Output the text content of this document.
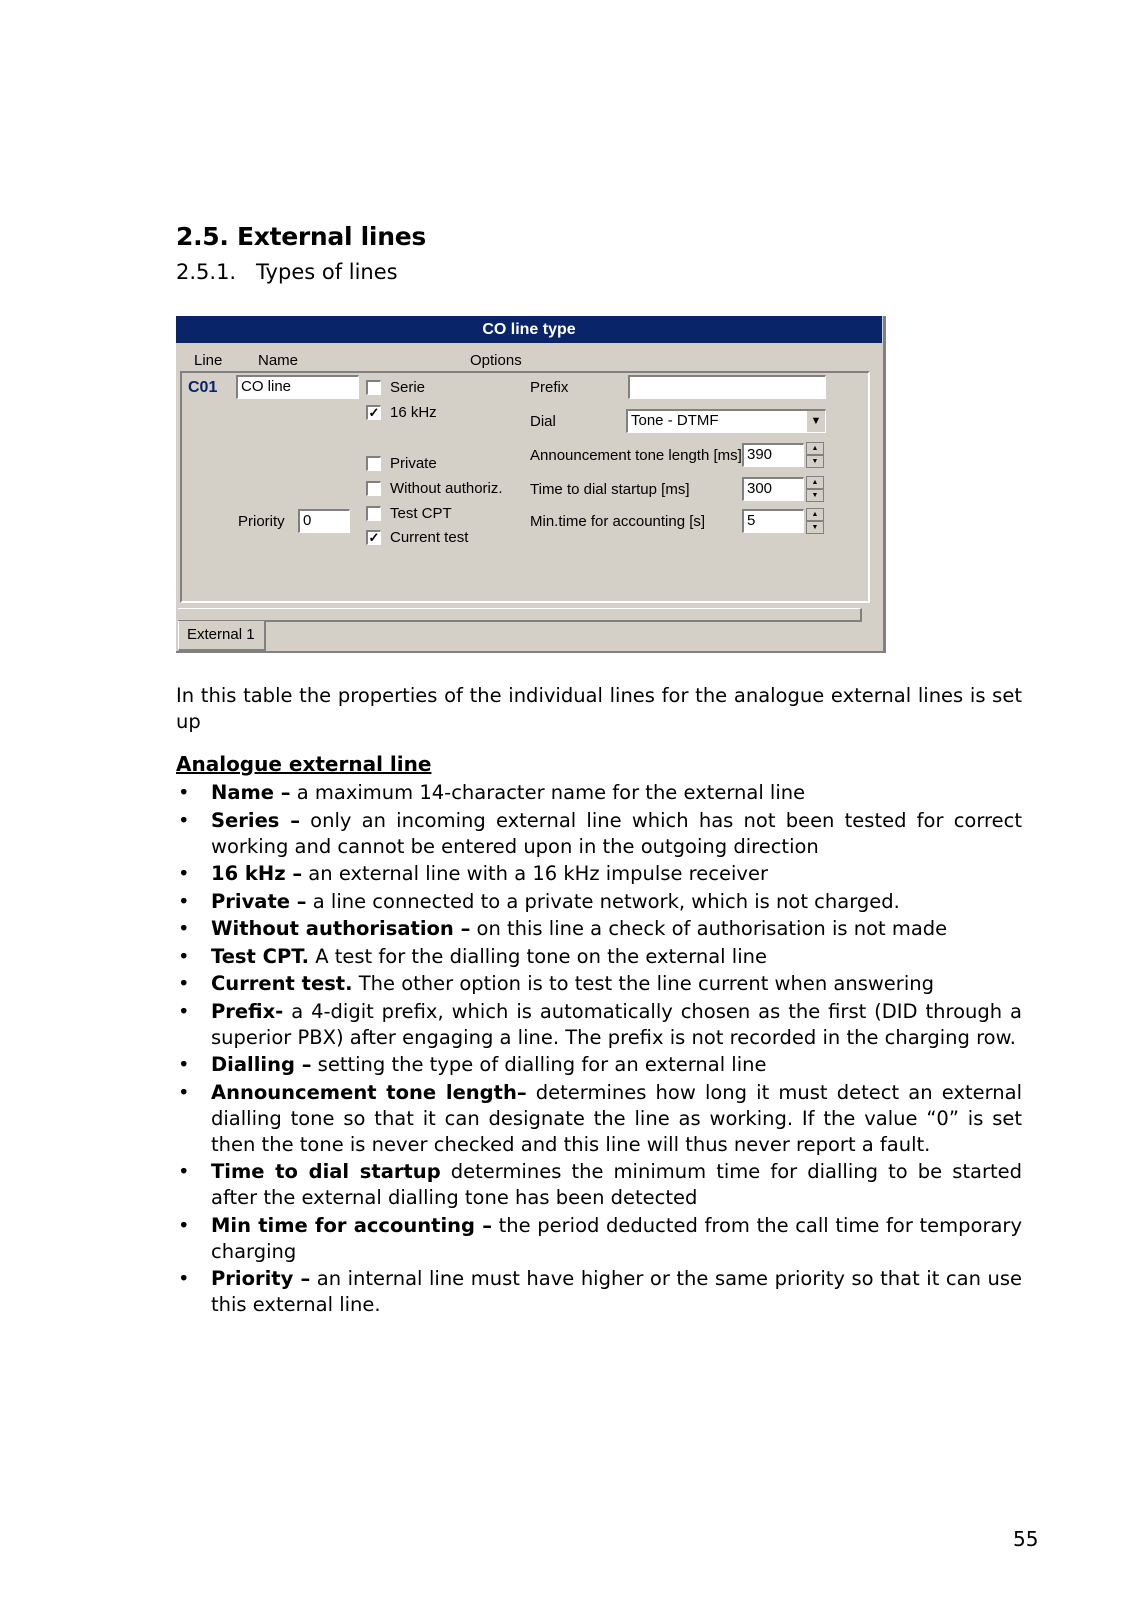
2.5. External lines
2.5.1. Types of lines
CO line type
Line Name	Options
C01	CO line
Priority	0
Serie
✓ 16 kHz
Private
Without authoriz.
Test CPT
✓ Current test
Prefix
Dial	Tone - DTMF	▼
Announcement tone length [ms] 390	▲
▼
Time to dial startup [ms]	300	▲
▼
Min.time for accounting [s]	5	▲
▼
External 1
In this table the properties of the individual lines for the analogue external lines is set up
Analogue external line
• Name – a maximum 14-character name for the external line
• Series – only an incoming external line which has not been tested for correct working and cannot be entered upon in the outgoing direction
• 16 kHz – an external line with a 16 kHz impulse receiver
• Private – a line connected to a private network, which is not charged.
• Without authorisation – on this line a check of authorisation is not made
• Test CPT. A test for the dialling tone on the external line
• Current test. The other option is to test the line current when answering
• Prefix- a 4-digit prefix, which is automatically chosen as the first (DID through a superior PBX) after engaging a line. The prefix is not recorded in the charging row.
• Dialling – setting the type of dialling for an external line
• Announcement tone length– determines how long it must detect an external dialling tone so that it can designate the line as working. If the value “0” is set then the tone is never checked and this line will thus never report a fault.
• Time to dial startup determines the minimum time for dialling to be started after the external dialling tone has been detected
• Min time for accounting – the period deducted from the call time for temporary charging
• Priority – an internal line must have higher or the same priority so that it can use this external line.
55
